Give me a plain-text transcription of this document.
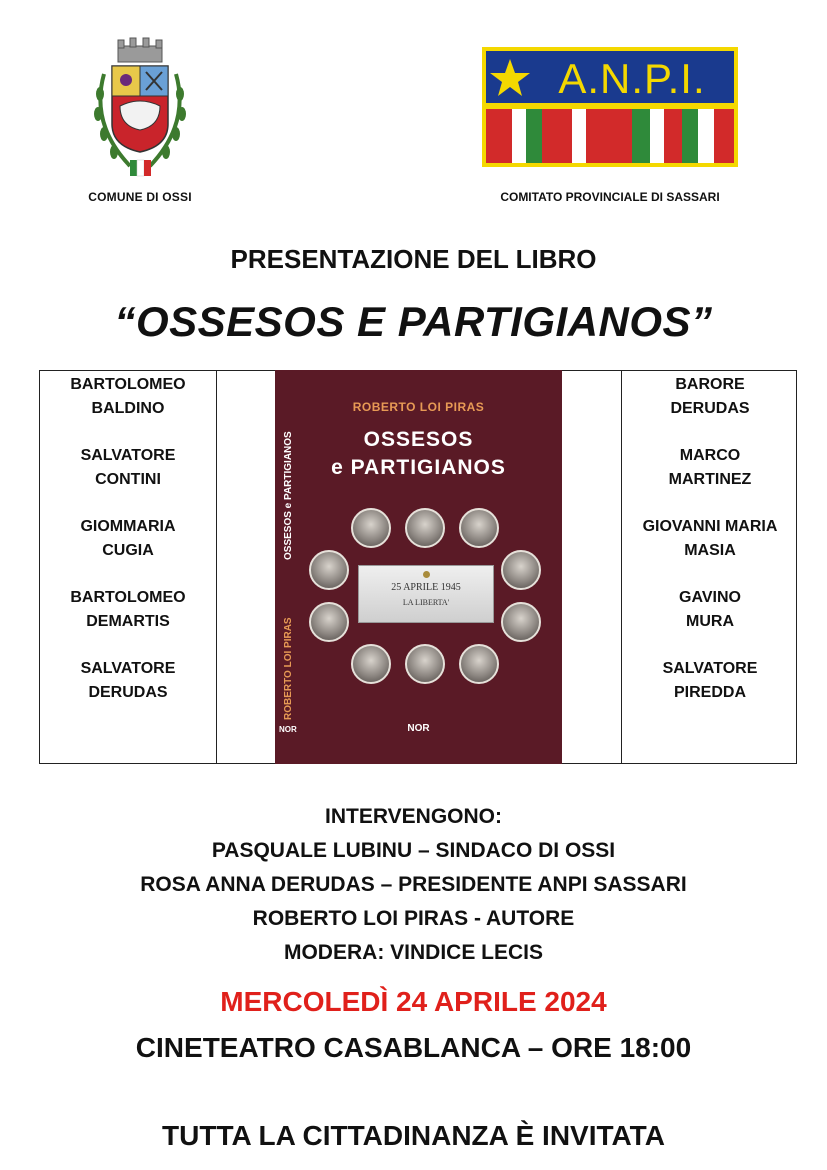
COMUNE DI OSSI
A.N.P.I.
COMITATO PROVINCIALE DI SASSARI
PRESENTAZIONE DEL LIBRO
“OSSESOS E PARTIGIANOS”
BARTOLOMEO
BALDINO
SALVATORE
CONTINI
GIOMMARIA
CUGIA
BARTOLOMEO
DEMARTIS
SALVATORE
DERUDAS
BARORE
DERUDAS
MARCO
MARTINEZ
GIOVANNI MARIA
MASIA
GAVINO
MURA
SALVATORE
PIREDDA
ROBERTO LOI PIRAS
OSSESOS
e PARTIGIANOS
OSSESOS e PARTIGIANOS
ROBERTO LOI PIRAS
25 APRILE 1945
LA LIBERTA'
NOR	NOR
INTERVENGONO:
PASQUALE LUBINU – SINDACO DI OSSI
ROSA ANNA DERUDAS – PRESIDENTE ANPI SASSARI
ROBERTO LOI PIRAS - AUTORE
MODERA: VINDICE LECIS
MERCOLEDÌ 24 APRILE 2024
CINETEATRO CASABLANCA – ORE 18:00
TUTTA LA CITTADINANZA È INVITATA
